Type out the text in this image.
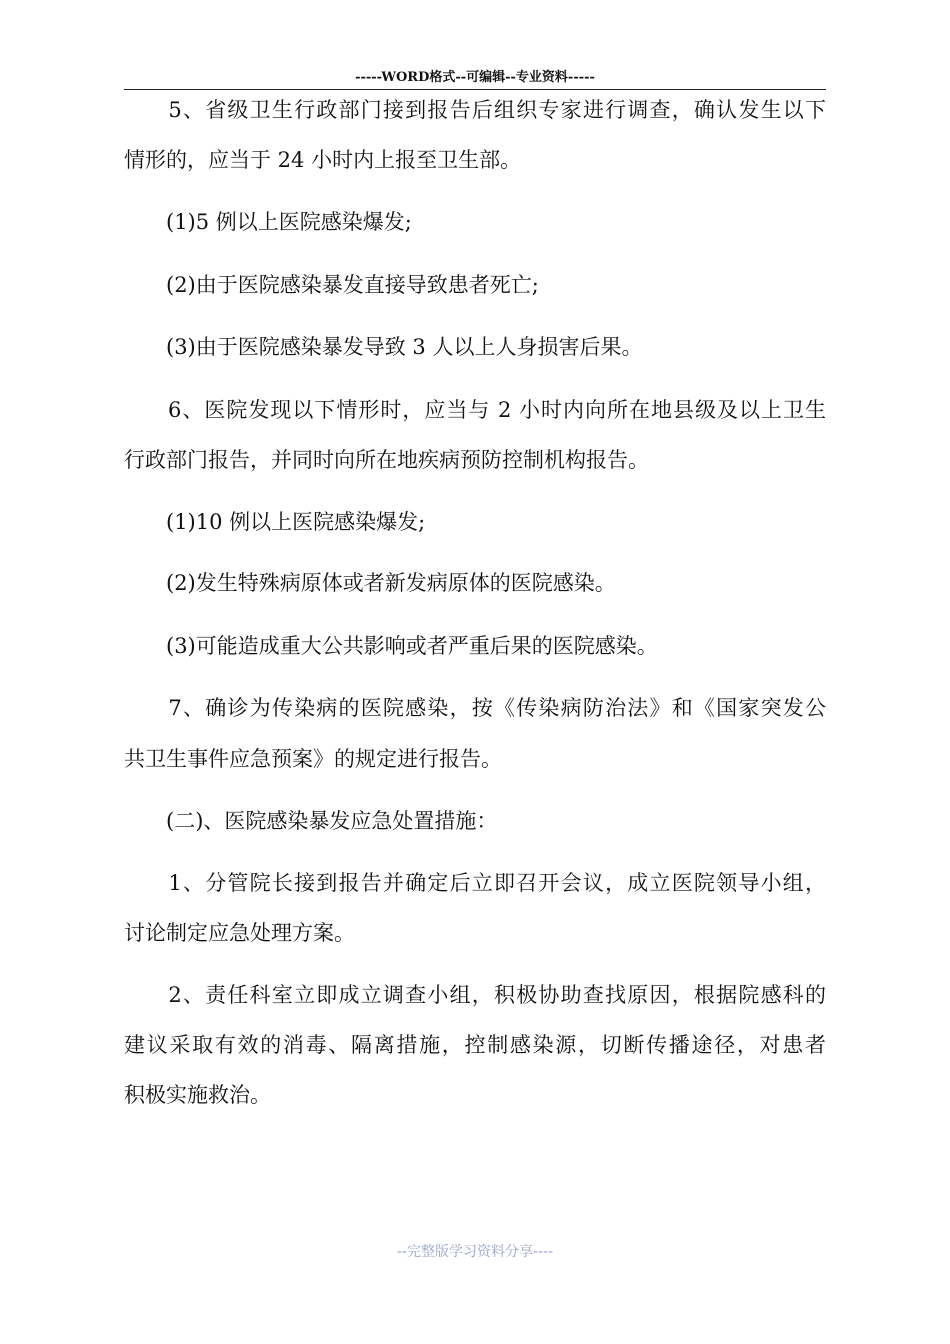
-----WORD格式--可编辑--专业资料-----
　　5、省级卫生行政部门接到报告后组织专家进行调查，确认发生以下
情形的，应当于 24 小时内上报至卫生部。
　　(1)5 例以上医院感染爆发;
　　(2)由于医院感染暴发直接导致患者死亡;
　　(3)由于医院感染暴发导致 3 人以上人身损害后果。
　　6、医院发现以下情形时，应当与 2 小时内向所在地县级及以上卫生
行政部门报告，并同时向所在地疾病预防控制机构报告。
　　(1)10 例以上医院感染爆发;
　　(2)发生特殊病原体或者新发病原体的医院感染。
　　(3)可能造成重大公共影响或者严重后果的医院感染。
　　7、确诊为传染病的医院感染，按《传染病防治法》和《国家突发公
共卫生事件应急预案》的规定进行报告。
　　(二)、医院感染暴发应急处置措施：
　　1、分管院长接到报告并确定后立即召开会议，成立医院领导小组，
讨论制定应急处理方案。
　　2、责任科室立即成立调查小组，积极协助查找原因，根据院感科的
建议采取有效的消毒、隔离措施，控制感染源，切断传播途径，对患者
积极实施救治。
--完整版学习资料分享----
